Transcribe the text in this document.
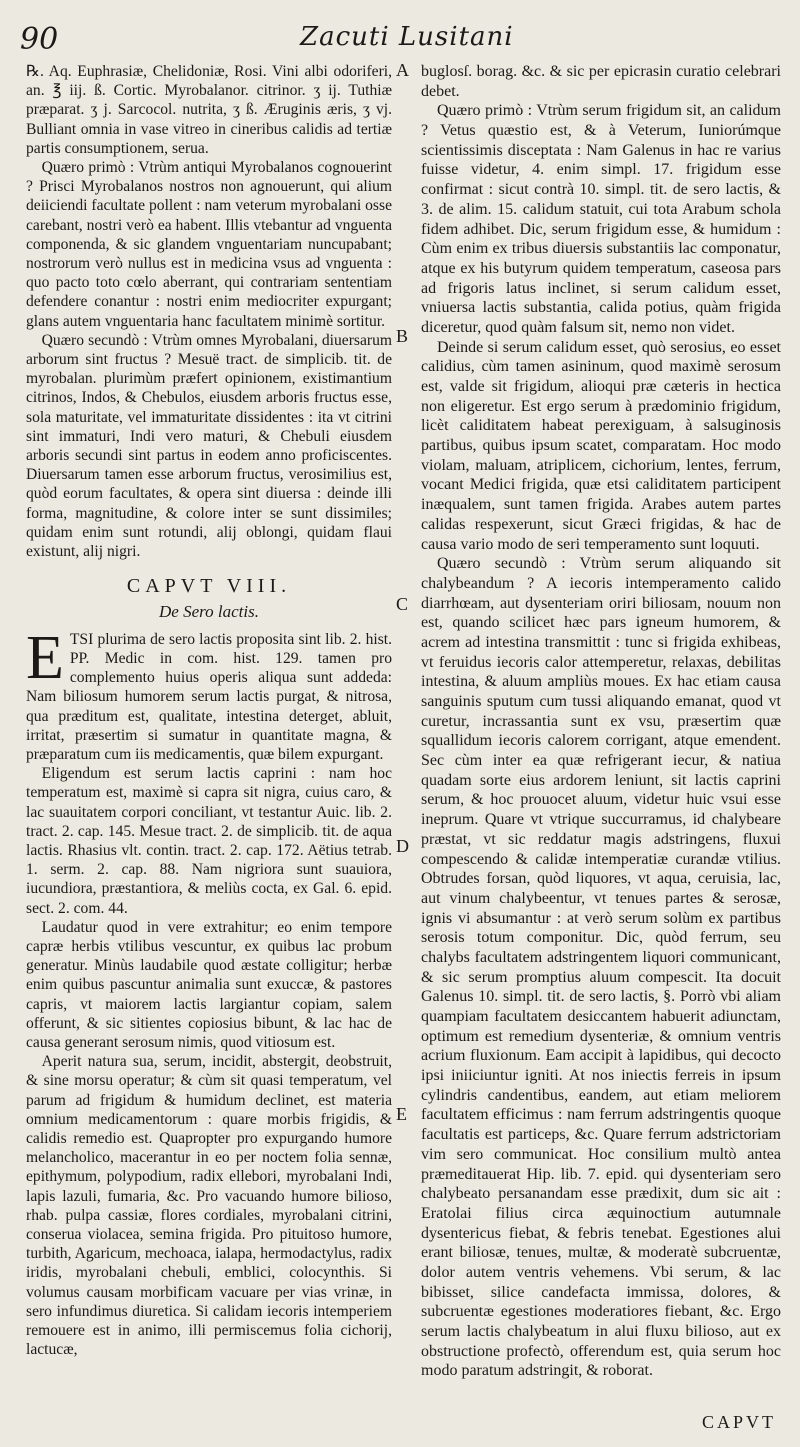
90	Zacuti Lusitani

℞. Aq. Euphrasiæ, Chelidoniæ, Rosi. Vini albi odoriferi, an. ℥ iij. ß. Cortic. Myrobalanor. citrinor. ʒ ij. Tuthiæ præparat. ʒ j. Sarcocol. nutrita, ʒ ß. Æruginis æris, ʒ vj. Bulliant omnia in vase vitreo in cineribus calidis ad tertiæ partis consumptionem, serua.

Quæro primò : Vtrùm antiqui Myrobalanos cognouerint ? Prisci Myrobalanos nostros non agnouerunt, qui alium deiiciendi facultate pollent : nam veterum myrobalani osse carebant, nostri verò ea habent. Illis vtebantur ad vnguenta componenda, & sic glandem vnguentariam nuncupabant; nostrorum verò nullus est in medicina vsus ad vnguenta : quo pacto toto cœlo aberrant, qui contrariam sententiam defendere conantur : nostri enim mediocriter expurgant; glans autem vnguentaria hanc facultatem minimè sortitur.

Quæro secundò : Vtrùm omnes Myrobalani, diuersarum arborum sint fructus ? Mesuë tract. de simplicib. tit. de myrobalan. plurimùm præfert opinionem, existimantium citrinos, Indos, & Chebulos, eiusdem arboris fructus esse, sola maturitate, vel immaturitate dissidentes : ita vt citrini sint immaturi, Indi vero maturi, & Chebuli eiusdem arboris secundi sint partus in eodem anno proficiscentes. Diuersarum tamen esse arborum fructus, verosimilius est, quòd eorum facultates, & opera sint diuersa : deinde illi forma, magnitudine, & colore inter se sunt dissimiles; quidam enim sunt rotundi, alij oblongi, quidam flaui existunt, alij nigri.

CAPVT VIII.
De Sero lactis.

ETSI plurima de sero lactis proposita sint lib. 2. hist. PP. Medic in com. hist. 129. tamen pro complemento huius operis aliqua sunt addeda: Nam biliosum humorem serum lactis purgat, & nitrosa, qua præditum est, qualitate, intestina deterget, abluit, irritat, præsertim si sumatur in quantitate magna, & præparatum cum iis medicamentis, quæ bilem expurgant.

Eligendum est serum lactis caprini : nam hoc temperatum est, maximè si capra sit nigra, cuius caro, & lac suauitatem corpori conciliant, vt testantur Auic. lib. 2. tract. 2. cap. 145. Mesue tract. 2. de simplicib. tit. de aqua lactis. Rhasius vlt. contin. tract. 2. cap. 172. Aëtius tetrab. 1. serm. 2. cap. 88. Nam nigriora sunt suauiora, iucundiora, præstantiora, & meliùs cocta, ex Gal. 6. epid. sect. 2. com. 44.

Laudatur quod in vere extrahitur; eo enim tempore capræ herbis vtilibus vescuntur, ex quibus lac probum generatur. Minùs laudabile quod æstate colligitur; herbæ enim quibus pascuntur animalia sunt exuccæ, & pastores capris, vt maiorem lactis largiantur copiam, salem offerunt, & sic sitientes copiosius bibunt, & lac hac de causa generant serosum nimis, quod vitiosum est.

Aperit natura sua, serum, incidit, abstergit, deobstruit, & sine morsu operatur; & cùm sit quasi temperatum, vel parum ad frigidum & humidum declinet, est materia omnium medicamentorum : quare morbis frigidis, & calidis remedio est. Quapropter pro expurgando humore melancholico, macerantur in eo per noctem folia sennæ, epithymum, polypodium, radix ellebori, myrobalani Indi, lapis lazuli, fumaria, &c. Pro vacuando humore bilioso, rhab. pulpa cassiæ, flores cordiales, myrobalani citrini, conserua violacea, semina frigida. Pro pituitoso humore, turbith, Agaricum, mechoaca, ialapa, hermodactylus, radix iridis, myrobalani chebuli, emblici, colocynthis. Si volumus causam morbificam vacuare per vias vrinæ, in sero infundimus diuretica. Si calidam iecoris intemperiem remouere est in animo, illi permiscemus folia cichorij, lactucæ,

A
B
C
D
E

buglosſ. borag. &c. & sic per epicrasin curatio celebrari debet.

Quæro primò : Vtrùm serum frigidum sit, an calidum ? Vetus quæstio est, & à Veterum, Iuniorúmque scientissimis disceptata : Nam Galenus in hac re varius fuisse videtur, 4. enim simpl. 17. frigidum esse confirmat : sicut contrà 10. simpl. tit. de sero lactis, & 3. de alim. 15. calidum statuit, cui tota Arabum schola fidem adhibet. Dic, serum frigidum esse, & humidum : Cùm enim ex tribus diuersis substantiis lac componatur, atque ex his butyrum quidem temperatum, caseosa pars ad frigoris latus inclinet, si serum calidum esset, vniuersa lactis substantia, calida potius, quàm frigida diceretur, quod quàm falsum sit, nemo non videt.

Deinde si serum calidum esset, quò serosius, eo esset calidius, cùm tamen asininum, quod maximè serosum est, valde sit frigidum, alioqui præ cæteris in hectica non eligeretur. Est ergo serum à prædominio frigidum, licèt caliditatem habeat perexiguam, à salsuginosis partibus, quibus ipsum scatet, comparatam. Hoc modo violam, maluam, atriplicem, cichorium, lentes, ferrum, vocant Medici frigida, quæ etsi caliditatem participent inæqualem, sunt tamen frigida. Arabes autem partes calidas respexerunt, sicut Græci frigidas, & hac de causa vario modo de seri temperamento sunt loquuti.

Quæro secundò : Vtrùm serum aliquando sit chalybeandum ? A iecoris intemperamento calido diarrhœam, aut dysenteriam oriri biliosam, nouum non est, quando scilicet hæc pars igneum humorem, & acrem ad intestina transmittit : tunc si frigida exhibeas, vt feruidus iecoris calor attemperetur, relaxas, debilitas intestina, & aluum ampliùs moues. Ex hac etiam causa sanguinis sputum cum tussi aliquando emanat, quod vt curetur, incrassantia sunt ex vsu, præsertim quæ squallidum iecoris calorem corrigant, atque emendent. Sec cùm inter ea quæ refrigerant iecur, & natiua quadam sorte eius ardorem leniunt, sit lactis caprini serum, & hoc prouocet aluum, videtur huic vsui esse ineprum. Quare vt vtrique succurramus, id chalybeare præstat, vt sic reddatur magis adstringens, fluxui compescendo & calidæ intemperatiæ curandæ vtilius. Obtrudes forsan, quòd liquores, vt aqua, ceruisia, lac, aut vinum chalybeentur, vt tenues partes & serosæ, ignis vi absumantur : at verò serum solùm ex partibus serosis totum componitur. Dic, quòd ferrum, seu chalybs facultatem adstringentem liquori communicant, & sic serum promptius aluum compescit. Ita docuit Galenus 10. simpl. tit. de sero lactis, §. Porrò vbi aliam quampiam facultatem desiccantem habuerit adiunctam, optimum est remedium dysenteriæ, & omnium ventris acrium fluxionum. Eam accipit à lapidibus, qui decocto ipsi iniiciuntur igniti. At nos iniectis ferreis in ipsum cylindris candentibus, eandem, aut etiam meliorem facultatem efficimus : nam ferrum adstringentis quoque facultatis est particeps, &c. Quare ferrum adstrictoriam vim sero communicat. Hoc consilium multò antea præmeditauerat Hip. lib. 7. epid. qui dysenteriam sero chalybeato persanandam esse prædixit, dum sic ait : Eratolai filius circa æquinoctium autumnale dysentericus fiebat, & febris tenebat. Egestiones alui erant biliosæ, tenues, multæ, & moderatè subcruentæ, dolor autem ventris vehemens. Vbi serum, & lac bibisset, silice candefacta immissa, dolores, & subcruentæ egestiones moderatiores fiebant, &c. Ergo serum lactis chalybeatum in alui fluxu bilioso, aut ex obstructione profectò, offerendum est, quia serum hoc modo paratum adstringit, & roborat.

CAPVT
